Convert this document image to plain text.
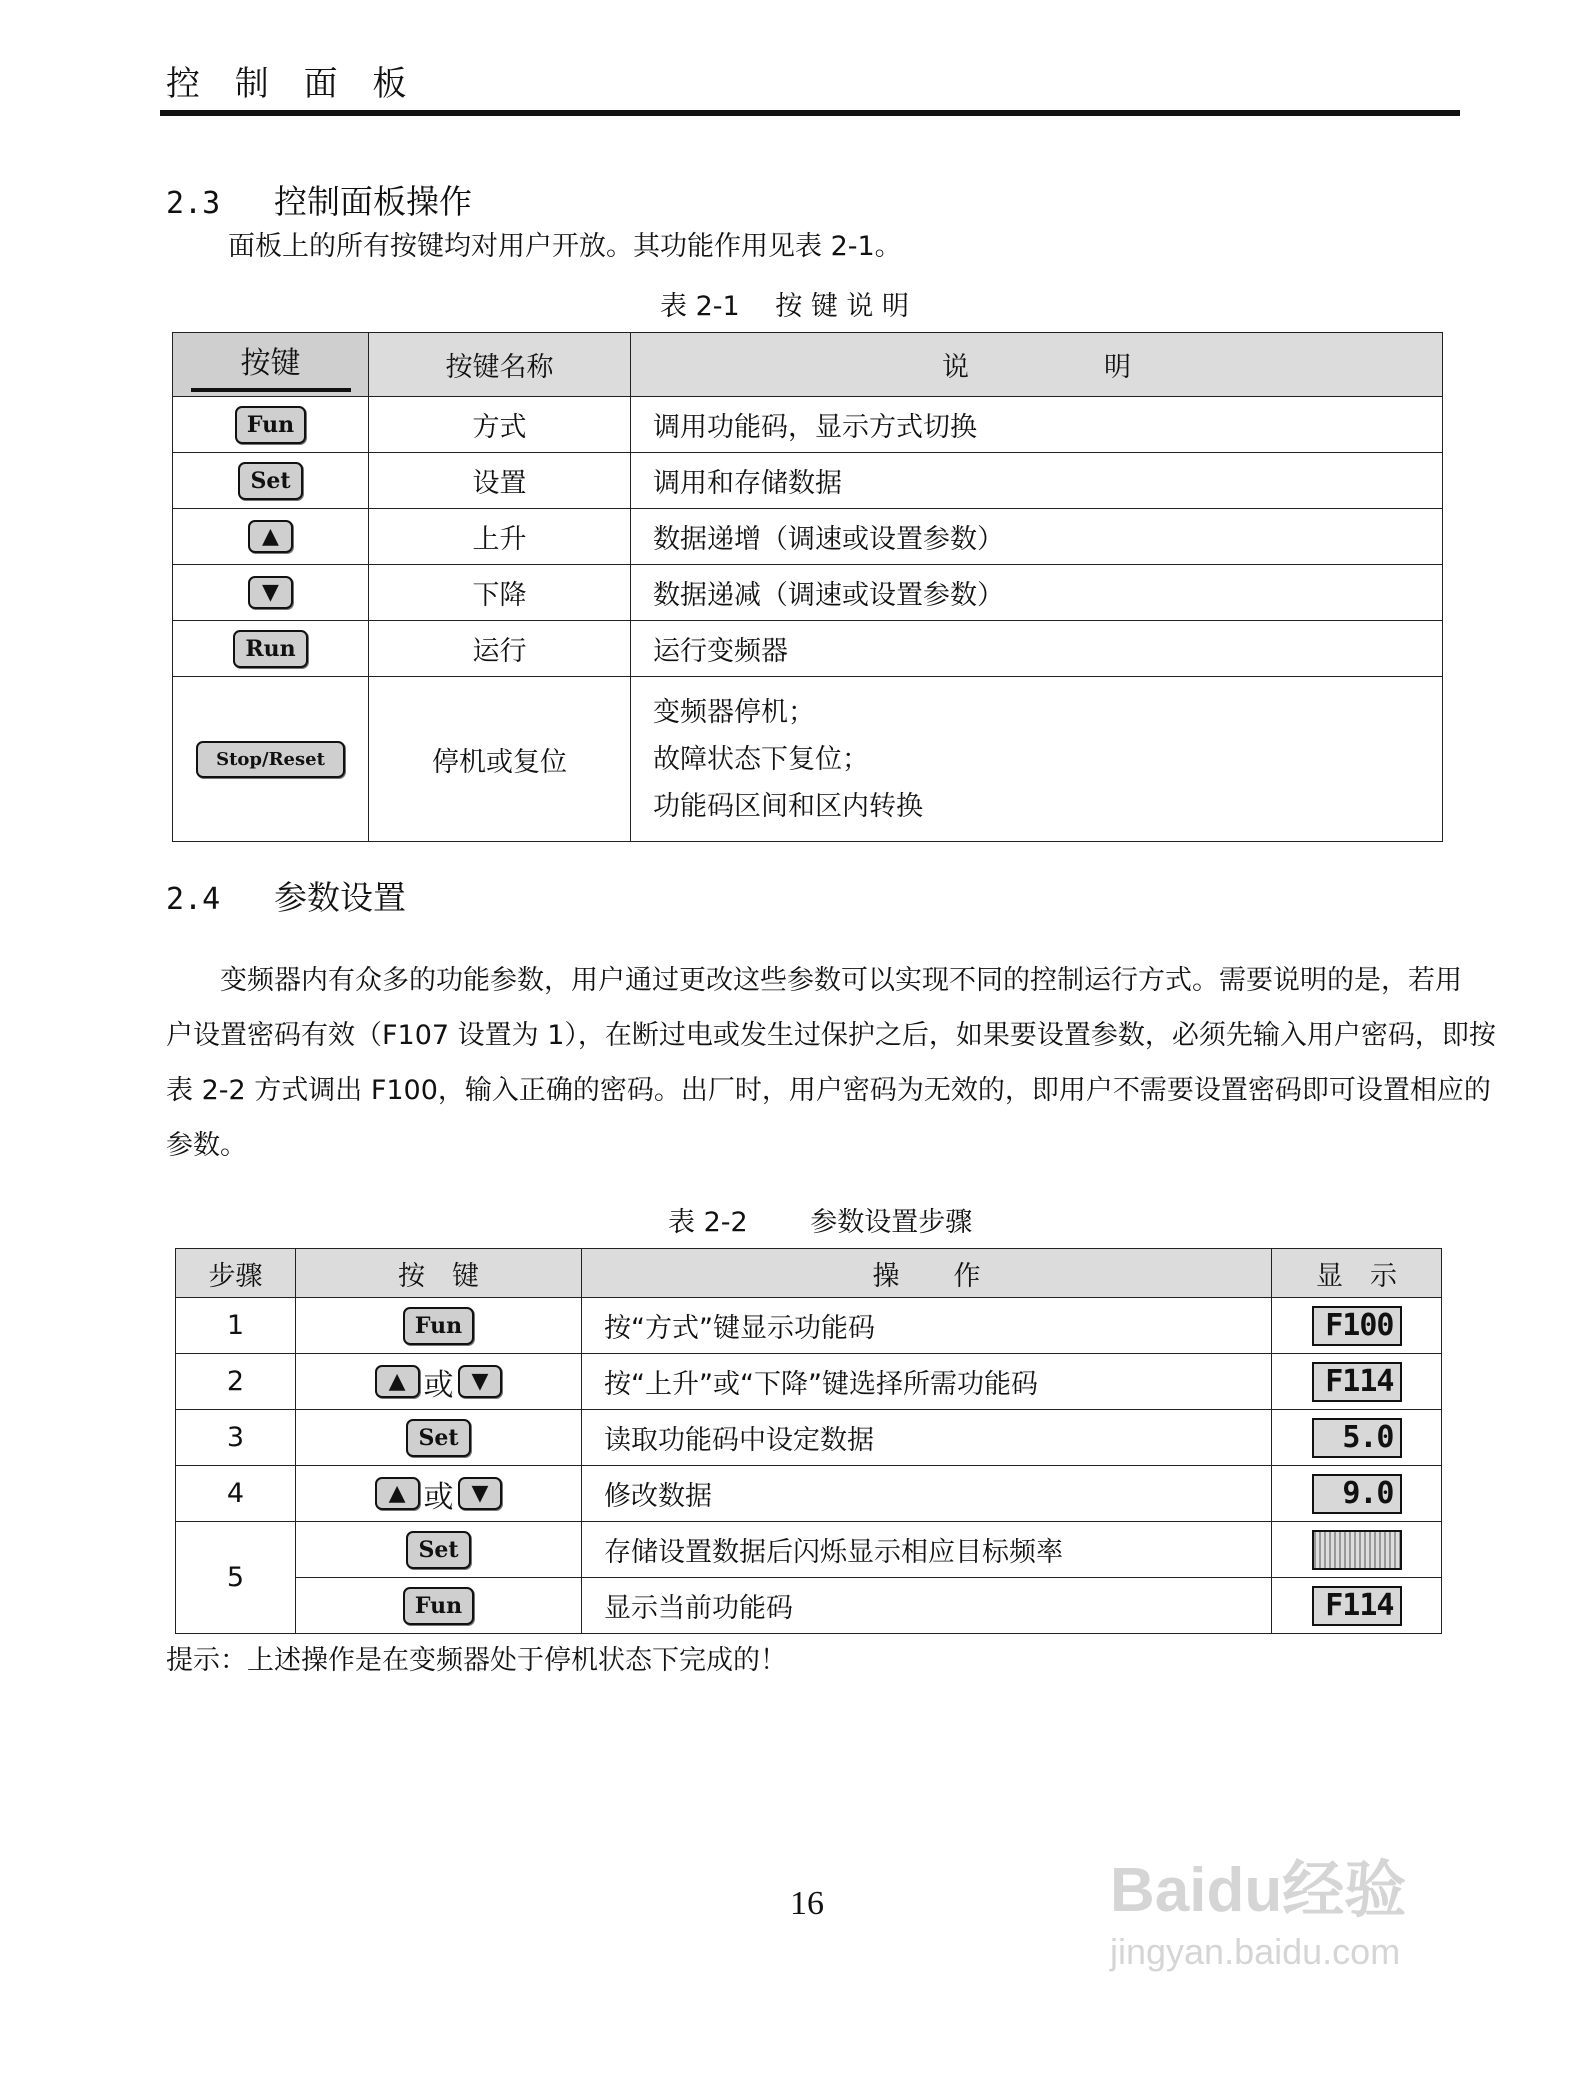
控 制 面 板
2.3 控制面板操作
面板上的所有按键均对用户开放。其功能作用见表 2-1。
表 2-1　 按 键 说 明
按键	按键名称	说　　　　　明
Fun	方式	调用功能码，显示方式切换
Set	设置	调用和存储数据
▲	上升	数据递增（调速或设置参数）
▼	下降	数据递减（调速或设置参数）
Run	运行	运行变频器
Stop/Reset	停机或复位	变频器停机；
故障状态下复位；
功能码区间和区内转换
2.4 参数设置
变频器内有众多的功能参数，用户通过更改这些参数可以实现不同的控制运行方式。需要说明的是，若用
户设置密码有效（F107 设置为 1），在断过电或发生过保护之后，如果要设置参数，必须先输入用户密码，即按
表 2-2 方式调出 F100，输入正确的密码。出厂时，用户密码为无效的，即用户不需要设置密码即可设置相应的
参数。
表 2-2　　 参数设置步骤
步骤	按　键	操　　作	显　示
1	Fun	按“方式”键显示功能码	F100
2	▲ 或 ▼	按“上升”或“下降”键选择所需功能码	F114
3	Set	读取功能码中设定数据	5.0
4	▲ 或 ▼	修改数据	9.0
5	Set	存储设置数据后闪烁显示相应目标频率	
	Fun	显示当前功能码	F114
提示：上述操作是在变频器处于停机状态下完成的！
16	Baidu经验
jingyan.baidu.com
